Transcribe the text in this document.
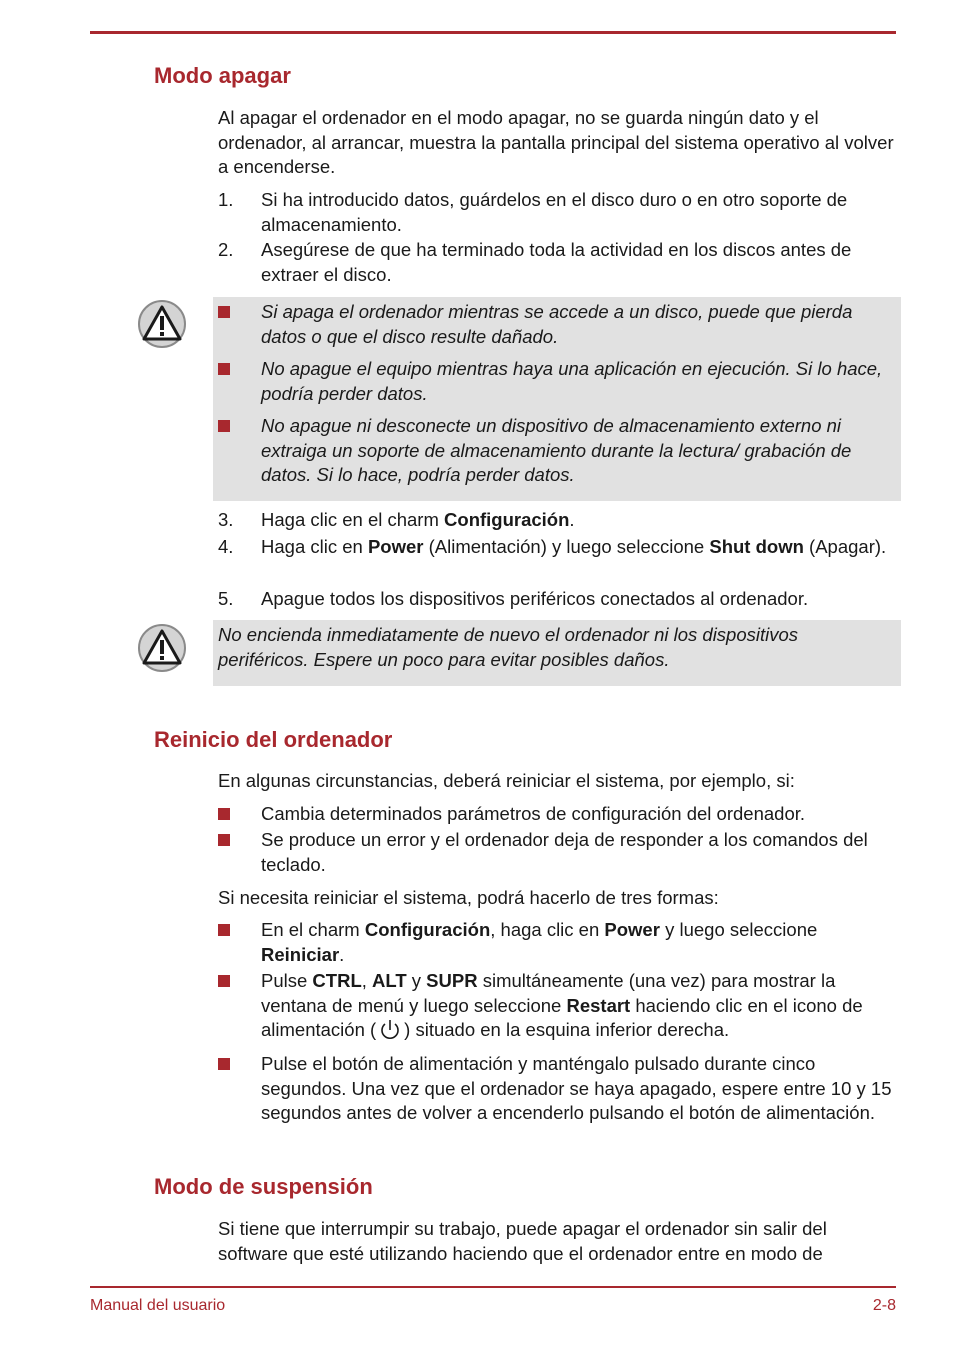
Modo apagar

Al apagar el ordenador en el modo apagar, no se guarda ningún dato y el ordenador, al arrancar, muestra la pantalla principal del sistema operativo al volver a encenderse.

1.	Si ha introducido datos, guárdelos en el disco duro o en otro soporte de almacenamiento.
2.	Asegúrese de que ha terminado toda la actividad en los discos antes de extraer el disco.
Si apaga el ordenador mientras se accede a un disco, puede que pierda datos o que el disco resulte dañado.
No apague el equipo mientras haya una aplicación en ejecución. Si lo hace, podría perder datos.
No apague ni desconecte un dispositivo de almacenamiento externo ni extraiga un soporte de almacenamiento durante la lectura/ grabación de datos. Si lo hace, podría perder datos.
3.	Haga clic en el charm Configuración.
4.	Haga clic en Power (Alimentación) y luego seleccione Shut down (Apagar).
5.	Apague todos los dispositivos periféricos conectados al ordenador.
No encienda inmediatamente de nuevo el ordenador ni los dispositivos periféricos. Espere un poco para evitar posibles daños.
Reinicio del ordenador

En algunas circunstancias, deberá reiniciar el sistema, por ejemplo, si:

Cambia determinados parámetros de configuración del ordenador.
Se produce un error y el ordenador deja de responder a los comandos del teclado.

Si necesita reiniciar el sistema, podrá hacerlo de tres formas:

En el charm Configuración, haga clic en Power y luego seleccione Reiniciar.
Pulse CTRL, ALT y SUPR simultáneamente (una vez) para mostrar la ventana de menú y luego seleccione Restart haciendo clic en el icono de alimentación ( ) situado en la esquina inferior derecha.
Pulse el botón de alimentación y manténgalo pulsado durante cinco segundos. Una vez que el ordenador se haya apagado, espere entre 10 y 15 segundos antes de volver a encenderlo pulsando el botón de alimentación.
Modo de suspensión

Si tiene que interrumpir su trabajo, puede apagar el ordenador sin salir del software que esté utilizando haciendo que el ordenador entre en modo de

Manual del usuario	2-8
